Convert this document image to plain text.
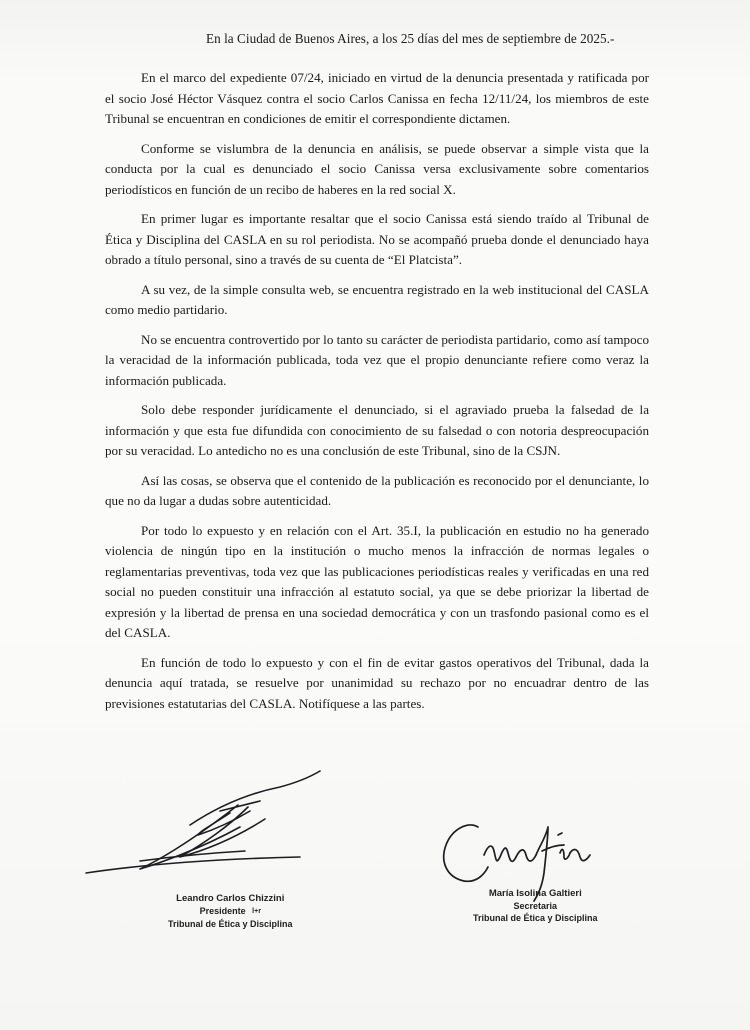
En la Ciudad de Buenos Aires, a los 25 días del mes de septiembre de 2025.-

En el marco del expediente 07/24, iniciado en virtud de la denuncia presentada y ratificada por el socio José Héctor Vásquez contra el socio Carlos Canissa en fecha 12/11/24, los miembros de este Tribunal se encuentran en condiciones de emitir el correspondiente dictamen.

Conforme se vislumbra de la denuncia en análisis, se puede observar a simple vista que la conducta por la cual es denunciado el socio Canissa versa exclusivamente sobre comentarios periodísticos en función de un recibo de haberes en la red social X.

En primer lugar es importante resaltar que el socio Canissa está siendo traído al Tribunal de Ética y Disciplina del CASLA en su rol periodista. No se acompañó prueba donde el denunciado haya obrado a título personal, sino a través de su cuenta de “El Platcista”.

A su vez, de la simple consulta web, se encuentra registrado en la web institucional del CASLA como medio partidario.

No se encuentra controvertido por lo tanto su carácter de periodista partidario, como así tampoco la veracidad de la información publicada, toda vez que el propio denunciante refiere como veraz la información publicada.

Solo debe responder jurídicamente el denunciado, si el agraviado prueba la falsedad de la información y que esta fue difundida con conocimiento de su falsedad o con notoria despreocupación por su veracidad. Lo antedicho no es una conclusión de este Tribunal, sino de la CSJN.

Así las cosas, se observa que el contenido de la publicación es reconocido por el denunciante, lo que no da lugar a dudas sobre autenticidad.

Por todo lo expuesto y en relación con el Art. 35.I, la publicación en estudio no ha generado violencia de ningún tipo en la institución o mucho menos la infracción de normas legales o reglamentarias preventivas, toda vez que las publicaciones periodísticas reales y verificadas en una red social no pueden constituir una infracción al estatuto social, ya que se debe priorizar la libertad de expresión y la libertad de prensa en una sociedad democrática y con un trasfondo pasional como es el del CASLA.

En función de todo lo expuesto y con el fin de evitar gastos operativos del Tribunal, dada la denuncia aquí tratada, se resuelve por unanimidad su rechazo por no encuadrar dentro de las previsiones estatutarias del CASLA. Notifíquese a las partes.

Leandro Carlos Chizzini
Presidente l+r
Tribunal de Ética y Disciplina
María Isolina Galtieri
Secretaria
Tribunal de Ética y Disciplina
